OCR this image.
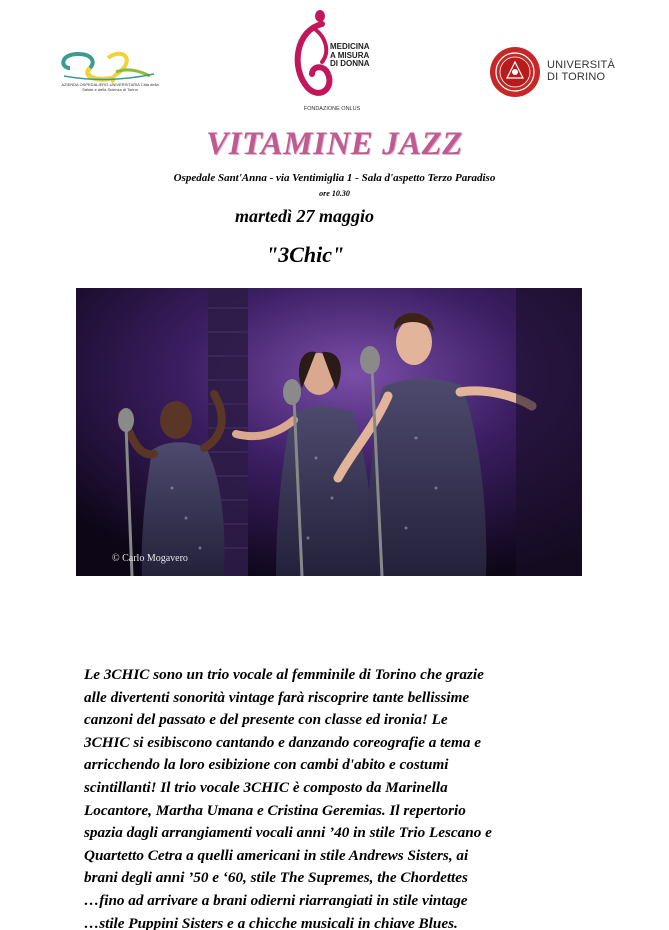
AZIENDA OSPEDALIERO-UNIVERSITARIA Città della Salute e della Scienza di Torino
MEDICINA
A MISURA
DI DONNA
FONDAZIONE ONLUS
UNIVERSITÀ
DI TORINO
VITAMINE JAZZ
Ospedale Sant'Anna - via Ventimiglia 1 - Sala d'aspetto Terzo Paradiso
ore 10.30
martedì 27 maggio
"3Chic"
© Carlo Mogavero
Le 3CHIC sono un trio vocale al femminile di Torino che grazie
alle divertenti sonorità vintage farà riscoprire tante bellissime
canzoni del passato e del presente con classe ed ironia! Le
3CHIC si esibiscono cantando e danzando coreografie a tema e
arricchendo la loro esibizione con cambi d'abito e costumi
scintillanti! Il trio vocale 3CHIC è composto da Marinella
Locantore, Martha Umana e Cristina Geremias. Il repertorio
spazia dagli arrangiamenti vocali anni ’40 in stile Trio Lescano e
Quartetto Cetra a quelli americani in stile Andrews Sisters, ai
brani degli anni ’50 e ‘60, stile The Supremes, the Chordettes
…fino ad arrivare a brani odierni riarrangiati in stile vintage
…stile Puppini Sisters e a chicche musicali in chiave Blues.
